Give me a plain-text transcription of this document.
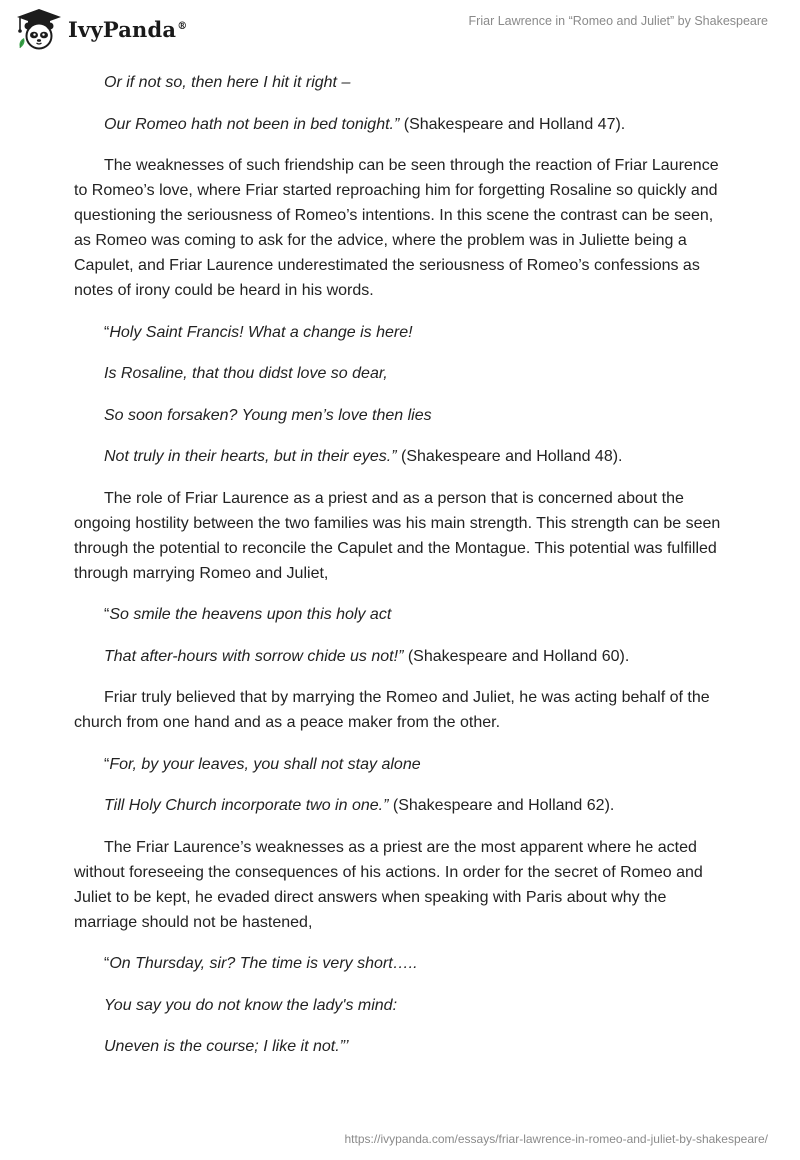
IvyPanda®	Friar Lawrence in “Romeo and Juliet” by Shakespeare

Or if not so, then here I hit it right –

Our Romeo hath not been in bed tonight.” (Shakespeare and Holland 47).

The weaknesses of such friendship can be seen through the reaction of Friar Laurence to Romeo’s love, where Friar started reproaching him for forgetting Rosaline so quickly and questioning the seriousness of Romeo’s intentions. In this scene the contrast can be seen, as Romeo was coming to ask for the advice, where the problem was in Juliette being a Capulet, and Friar Laurence underestimated the seriousness of Romeo’s confessions as notes of irony could be heard in his words.

“Holy Saint Francis! What a change is here!

Is Rosaline, that thou didst love so dear,

So soon forsaken? Young men’s love then lies

Not truly in their hearts, but in their eyes.” (Shakespeare and Holland 48).

The role of Friar Laurence as a priest and as a person that is concerned about the ongoing hostility between the two families was his main strength. This strength can be seen through the potential to reconcile the Capulet and the Montague. This potential was fulfilled through marrying Romeo and Juliet,

“So smile the heavens upon this holy act

That after-hours with sorrow chide us not!” (Shakespeare and Holland 60).

Friar truly believed that by marrying the Romeo and Juliet, he was acting behalf of the church from one hand and as a peace maker from the other.

“For, by your leaves, you shall not stay alone

Till Holy Church incorporate two in one.” (Shakespeare and Holland 62).

The Friar Laurence’s weaknesses as a priest are the most apparent where he acted without foreseeing the consequences of his actions. In order for the secret of Romeo and Juliet to be kept, he evaded direct answers when speaking with Paris about why the marriage should not be hastened,

“On Thursday, sir? The time is very short…..

You say you do not know the lady's mind:

Uneven is the course; I like it not.”’

https://ivypanda.com/essays/friar-lawrence-in-romeo-and-juliet-by-shakespeare/
